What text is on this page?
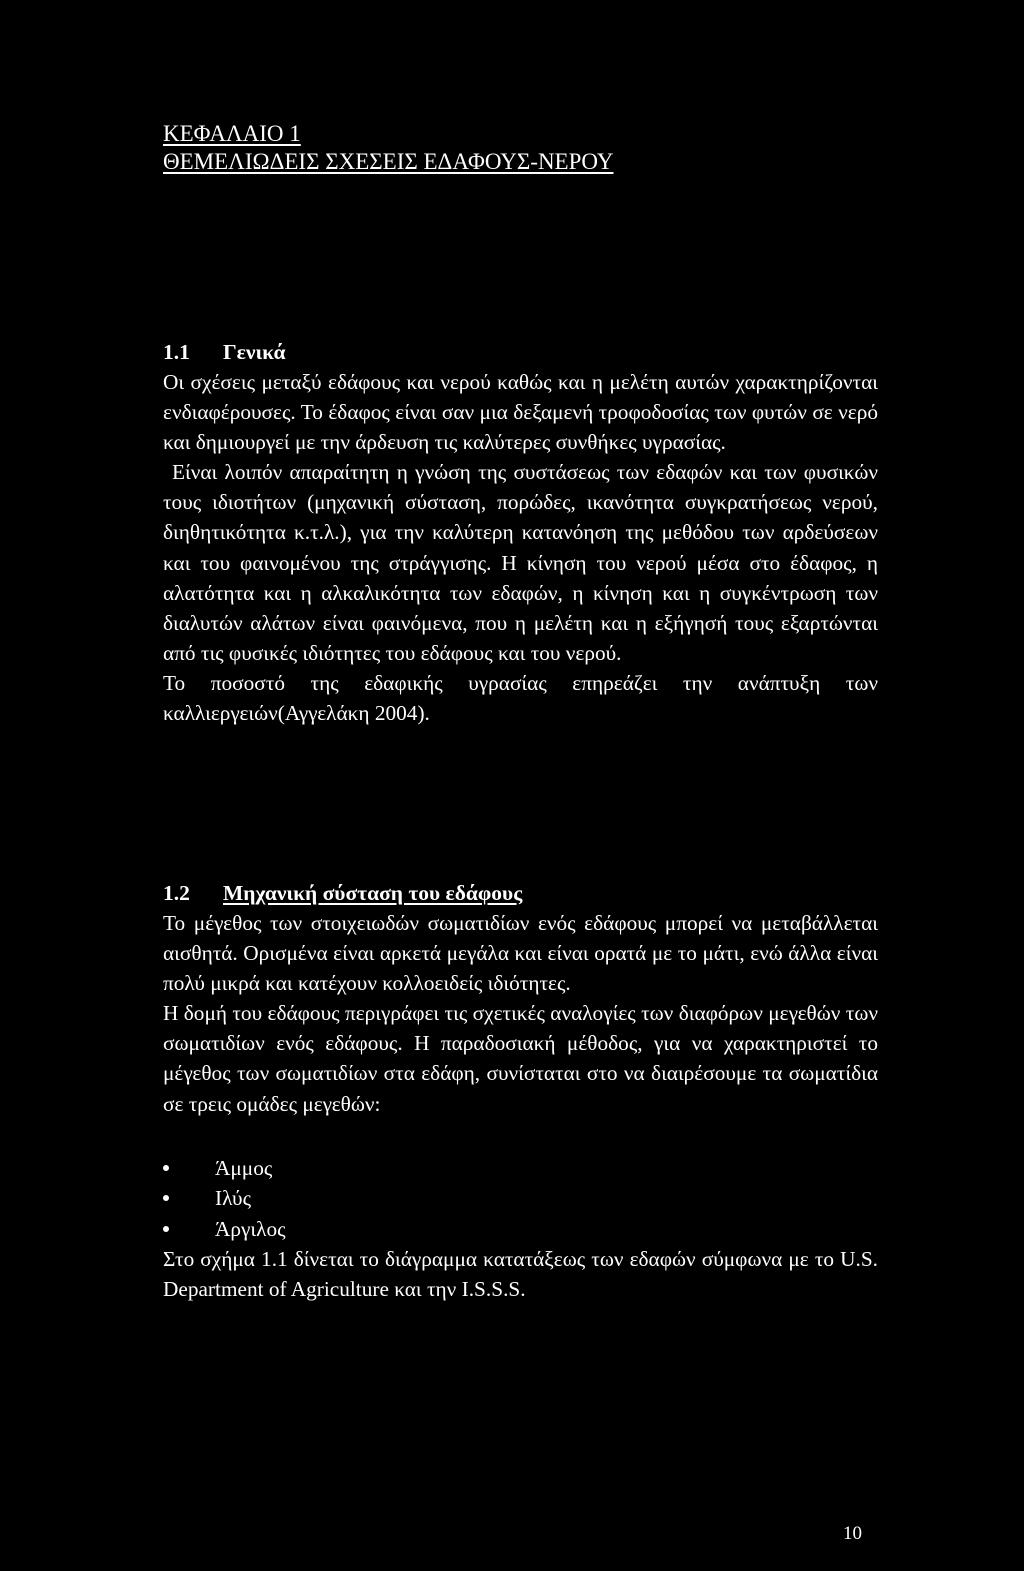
ΚΕΦΑΛΑΙΟ 1
ΘΕΜΕΛΙΩΔΕΙΣ ΣΧΕΣΕΙΣ ΕΔΑΦΟΥΣ-ΝΕΡΟΥ
1.1 Γενικά

Οι σχέσεις μεταξύ εδάφους και νερού καθώς και η μελέτη αυτών χαρακτηρίζονται ενδιαφέρουσες. Το έδαφος είναι σαν μια δεξαμενή τροφοδοσίας των φυτών σε νερό και δημιουργεί με την άρδευση τις καλύτερες συνθήκες υγρασίας.

Είναι λοιπόν απαραίτητη η γνώση της συστάσεως των εδαφών και των φυσικών τους ιδιοτήτων (μηχανική σύσταση, πορώδες, ικανότητα συγκρατήσεως νερού, διηθητικότητα κ.τ.λ.), για την καλύτερη κατανόηση της μεθόδου των αρδεύσεων και του φαινομένου της στράγγισης. Η κίνηση του νερού μέσα στο έδαφος, η αλατότητα και η αλκαλικότητα των εδαφών, η κίνηση και η συγκέντρωση των διαλυτών αλάτων είναι φαινόμενα, που η μελέτη και η εξήγησή τους εξαρτώνται από τις φυσικές ιδιότητες του εδάφους και του νερού.

Το ποσοστό της εδαφικής υγρασίας επηρεάζει την ανάπτυξη των καλλιεργειών(Αγγελάκη 2004).

1.2 Μηχανική σύσταση του εδάφους

Το μέγεθος των στοιχειωδών σωματιδίων ενός εδάφους μπορεί να μεταβάλλεται αισθητά. Ορισμένα είναι αρκετά μεγάλα και είναι ορατά με το μάτι, ενώ άλλα είναι πολύ μικρά και κατέχουν κολλοειδείς ιδιότητες.

Η δομή του εδάφους περιγράφει τις σχετικές αναλογίες των διαφόρων μεγεθών των σωματιδίων ενός εδάφους. Η παραδοσιακή μέθοδος, για να χαρακτηριστεί το μέγεθος των σωματιδίων στα εδάφη, συνίσταται στο να διαιρέσουμε τα σωματίδια σε τρεις ομάδες μεγεθών:

Άμμος
Ιλύς
Άργιλος

Στο σχήμα 1.1 δίνεται το διάγραμμα κατατάξεως των εδαφών σύμφωνα με το U.S. Department of Agriculture και την I.S.S.S.

10
